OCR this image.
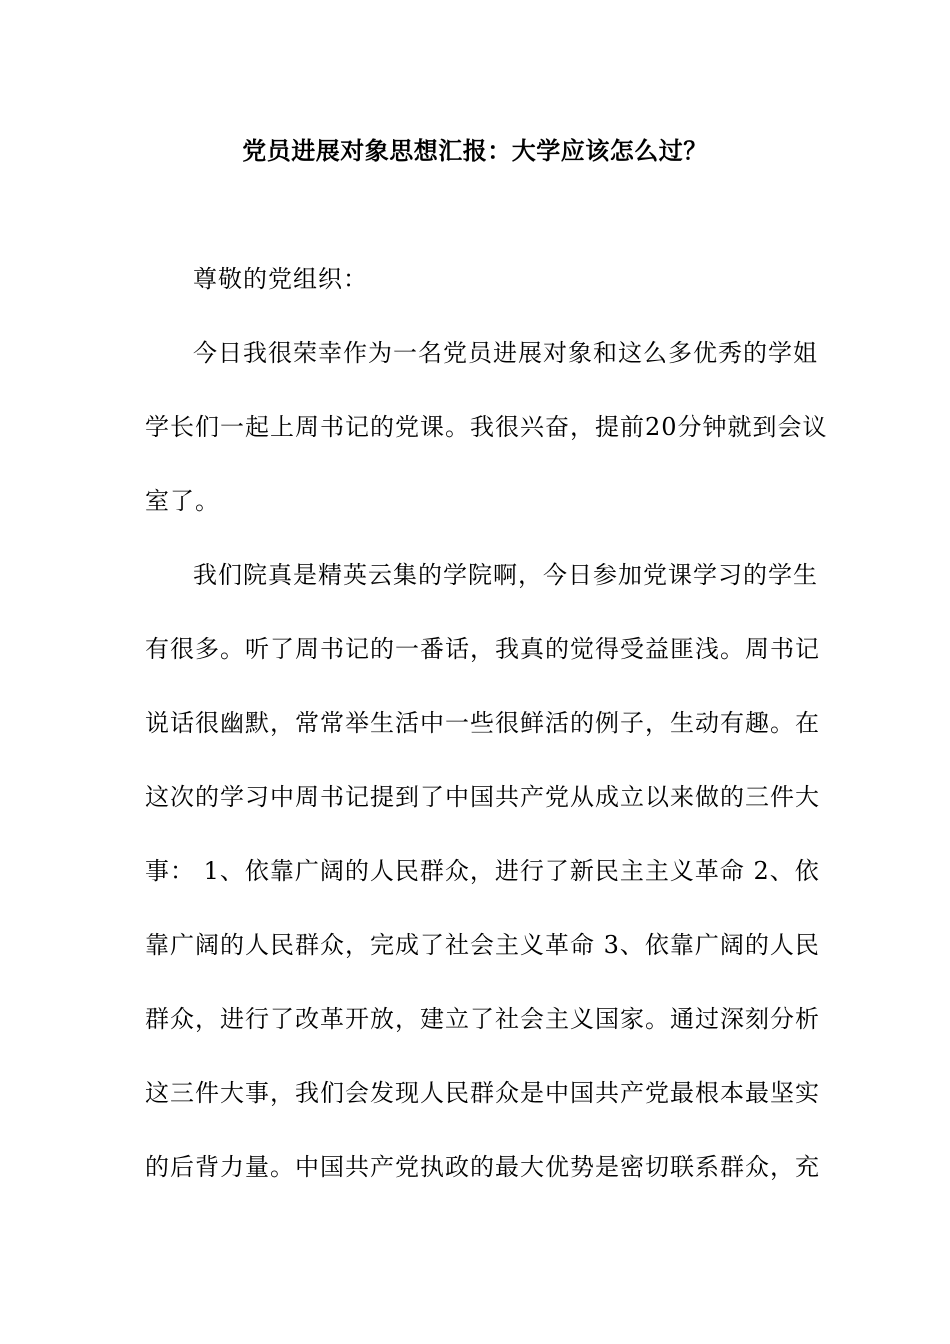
党员进展对象思想汇报：大学应该怎么过？
尊敬的党组织：
今日我很荣幸作为一名党员进展对象和这么多优秀的学姐
学长们一起上周书记的党课。我很兴奋，提前20分钟就到会议
室了。
我们院真是精英云集的学院啊，今日参加党课学习的学生
有很多。听了周书记的一番话，我真的觉得受益匪浅。周书记
说话很幽默，常常举生活中一些很鲜活的例子，生动有趣。在
这次的学习中周书记提到了中国共产党从成立以来做的三件大
事： 1、依靠广阔的人民群众，进行了新民主主义革命 2、依
靠广阔的人民群众，完成了社会主义革命 3、依靠广阔的人民
群众，进行了改革开放，建立了社会主义国家。通过深刻分析
这三件大事，我们会发现人民群众是中国共产党最根本最坚实
的后背力量。中国共产党执政的最大优势是密切联系群众，充
